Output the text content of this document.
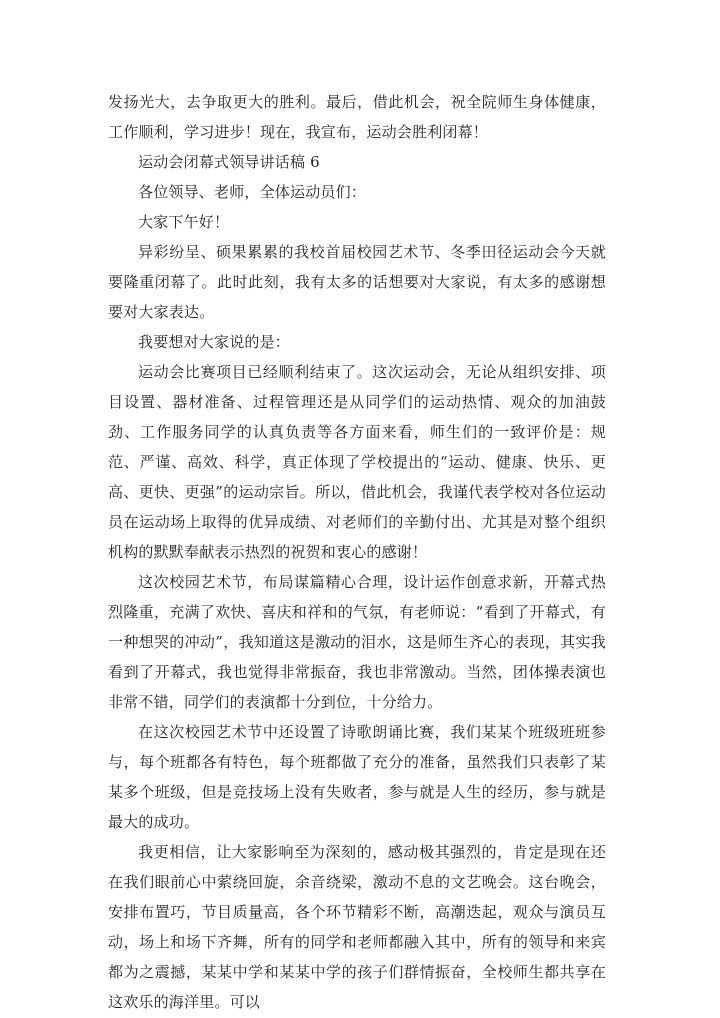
发扬光大，去争取更大的胜利。最后，借此机会，祝全院师生身体健康，工作顺利，学习进步！现在，我宣布，运动会胜利闭幕！

运动会闭幕式领导讲话稿 6

各位领导、老师，全体运动员们：

大家下午好！

异彩纷呈、硕果累累的我校首届校园艺术节、冬季田径运动会今天就要隆重闭幕了。此时此刻，我有太多的话想要对大家说，有太多的感谢想要对大家表达。

我要想对大家说的是：

运动会比赛项目已经顺利结束了。这次运动会，无论从组织安排、项目设置、器材准备、过程管理还是从同学们的运动热情、观众的加油鼓劲、工作服务同学的认真负责等各方面来看，师生们的一致评价是：规范、严谨、高效、科学，真正体现了学校提出的“运动、健康、快乐、更高、更快、更强”的运动宗旨。所以，借此机会，我谨代表学校对各位运动员在运动场上取得的优异成绩、对老师们的辛勤付出、尤其是对整个组织机构的默默奉献表示热烈的祝贺和衷心的感谢！

这次校园艺术节，布局谋篇精心合理，设计运作创意求新，开幕式热烈隆重，充满了欢快、喜庆和祥和的气氛，有老师说：“看到了开幕式，有一种想哭的冲动”，我知道这是激动的泪水，这是师生齐心的表现，其实我看到了开幕式，我也觉得非常振奋，我也非常激动。当然，团体操表演也非常不错，同学们的表演都十分到位，十分给力。

在这次校园艺术节中还设置了诗歌朗诵比赛，我们某某个班级班班参与，每个班都各有特色，每个班都做了充分的准备，虽然我们只表彰了某某多个班级，但是竞技场上没有失败者，参与就是人生的经历，参与就是最大的成功。

我更相信，让大家影响至为深刻的，感动极其强烈的，肯定是现在还在我们眼前心中萦绕回旋，余音绕梁，激动不息的文艺晚会。这台晚会，安排布置巧，节目质量高，各个环节精彩不断，高潮迭起，观众与演员互动，场上和场下齐舞，所有的同学和老师都融入其中，所有的领导和来宾都为之震撼，某某中学和某某中学的孩子们群情振奋，全校师生都共享在这欢乐的海洋里。可以
